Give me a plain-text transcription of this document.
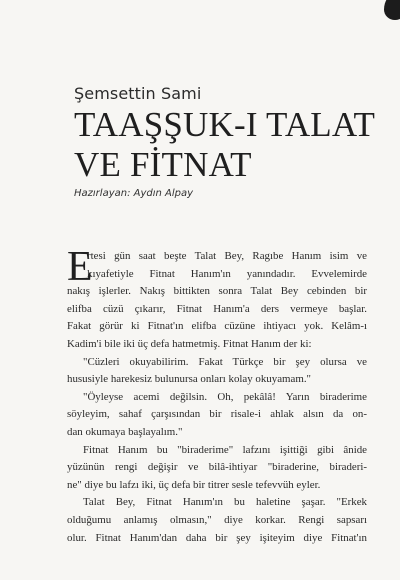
Şemsettin Sami
TAAŞŞUK-I TALAT
VE FİTNAT
Hazırlayan: Aydın Alpay
E
rtesi gün saat beşte Talat Bey, Ragıbe Hanım isim ve
kıyafetiyle Fitnat Hanım'ın yanındadır. Evvelemirde
nakış işlerler. Nakış bittikten sonra Talat Bey cebinden bir
elifba cüzü çıkarır, Fitnat Hanım'a ders vermeye başlar.
Fakat görür ki Fitnat'ın elifba cüzüne ihtiyacı yok. Kelâm-ı
Kadim'i bile iki üç defa hatmetmiş. Fitnat Hanım der ki:
"Cüzleri okuyabilirim. Fakat Türkçe bir şey olursa ve
hususiyle harekesiz bulunursa onları kolay okuyamam."
"Öyleyse acemi değilsin. Oh, pekâlâ! Yarın biraderime
söyleyim, sahaf çarşısından bir risale-i ahlak alsın da on-
dan okumaya başlayalım."
Fitnat Hanım bu "biraderime" lafzını işittiği gibi ânide
yüzünün rengi değişir ve bilâ-ihtiyar "biraderine, biraderi-
ne" diye bu lafzı iki, üç defa bir titrer sesle tefevvüh eyler.
Talat Bey, Fitnat Hanım'ın bu haletine şaşar. "Erkek
olduğumu anlamış olmasın," diye korkar. Rengi sapsarı
olur. Fitnat Hanım'dan daha bir şey işiteyim diye Fitnat'ın
